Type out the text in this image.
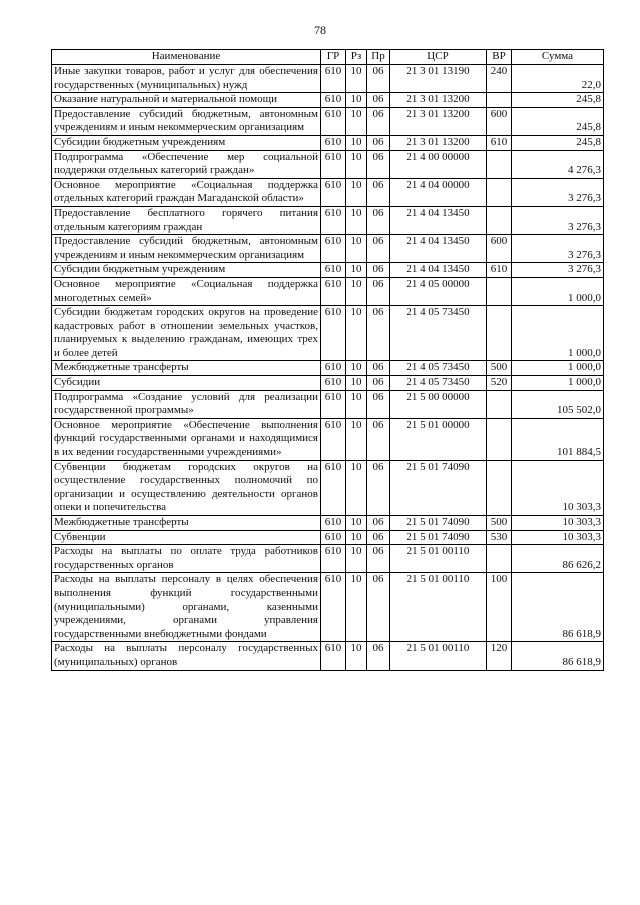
78
Наименование	ГР	Рз	Пр	ЦСР	ВР	Сумма
Иные закупки товаров, работ и услуг для обеспечения государственных (муниципальных) нужд	610	10	06	21 3 01 13190	240	22,0
Оказание натуральной и материальной помощи	610	10	06	21 3 01 13200		245,8
Предоставление субсидий бюджетным, автономным учреждениям и иным некоммерческим организациям	610	10	06	21 3 01 13200	600	245,8
Субсидии бюджетным учреждениям	610	10	06	21 3 01 13200	610	245,8
Подпрограмма «Обеспечение мер социальной поддержки отдельных категорий граждан»	610	10	06	21 4 00 00000		4 276,3
Основное мероприятие «Социальная поддержка отдельных категорий граждан Магаданской области»	610	10	06	21 4 04 00000		3 276,3
Предоставление бесплатного горячего питания отдельным категориям граждан	610	10	06	21 4 04 13450		3 276,3
Предоставление субсидий бюджетным, автономным учреждениям и иным некоммерческим организациям	610	10	06	21 4 04 13450	600	3 276,3
Субсидии бюджетным учреждениям	610	10	06	21 4 04 13450	610	3 276,3
Основное мероприятие «Социальная поддержка многодетных семей»	610	10	06	21 4 05 00000		1 000,0
Субсидии бюджетам городских округов на проведение кадастровых работ в отношении земельных участков, планируемых к выделению гражданам, имеющих трех и более детей	610	10	06	21 4 05 73450		1 000,0
Межбюджетные трансферты	610	10	06	21 4 05 73450	500	1 000,0
Субсидии	610	10	06	21 4 05 73450	520	1 000,0
Подпрограмма «Создание условий для реализации государственной программы»	610	10	06	21 5 00 00000		105 502,0
Основное мероприятие «Обеспечение выполнения функций государственными органами и находящимися в их ведении государственными учреждениями»	610	10	06	21 5 01 00000		101 884,5
Субвенции бюджетам городских округов на осуществление государственных полномочий по организации и осуществлению деятельности органов опеки и попечительства	610	10	06	21 5 01 74090		10 303,3
Межбюджетные трансферты	610	10	06	21 5 01 74090	500	10 303,3
Субвенции	610	10	06	21 5 01 74090	530	10 303,3
Расходы на выплаты по оплате труда работников государственных органов	610	10	06	21 5 01 00110		86 626,2
Расходы на выплаты персоналу в целях обеспечения выполнения функций государственными (муниципальными) органами, казенными учреждениями, органами управления государственными внебюджетными фондами	610	10	06	21 5 01 00110	100	86 618,9
Расходы на выплаты персоналу государственных (муниципальных) органов	610	10	06	21 5 01 00110	120	86 618,9
